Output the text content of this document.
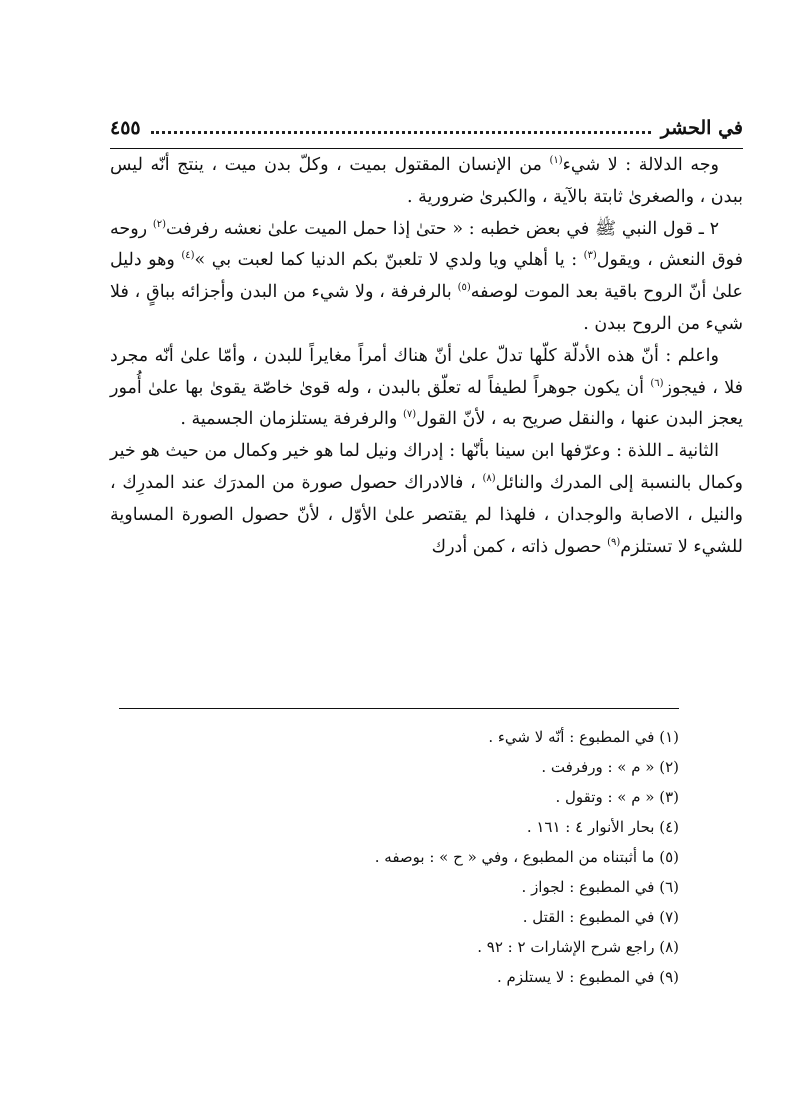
في الحشر
٤٥٥

وجه الدلالة : لا شيء$^{(١)}$ من الإنسان المقتول بميت ، وكلّ بدن ميت ، ينتج أنّه ليس ببدن ، والصغرىٰ ثابتة بالآية ، والكبرىٰ ضرورية .

٢ ـ قول النبي ﷺ في بعض خطبه : « حتىٰ إذا حمل الميت علىٰ نعشه رفرفت$^{(٢)}$ روحه فوق النعش ، ويقول$^{(٣)}$ : يا أهلي ويا ولدي لا تلعبنّ بكم الدنيا كما لعبت بي »$^{(٤)}$ وهو دليل علىٰ أنّ الروح باقية بعد الموت لوصفه$^{(٥)}$ بالرفرفة ، ولا شيء من البدن وأجزائه بباقٍ ، فلا شيء من الروح ببدن .

واعلم : أنّ هذه الأدلّة كلّها تدلّ علىٰ أنّ هناك أمراً مغايراً للبدن ، وأمّا علىٰ أنّه مجرد فلا ، فيجوز$^{(٦)}$ أن يكون جوهراً لطيفاً له تعلّق بالبدن ، وله قوىٰ خاصّة يقوىٰ بها علىٰ أُمور يعجز البدن عنها ، والنقل صريح به ، لأنّ القول$^{(٧)}$ والرفرفة يستلزمان الجسمية .

الثانية ـ اللذة : وعرّفها ابن سينا بأنّها : إدراك ونيل لما هو خير وكمال من حيث هو خير وكمال بالنسبة إلى المدرك والنائل$^{(٨)}$ ، فالادراك حصول صورة من المدرَك عند المدرِك ، والنيل ، الاصابة والوجدان ، فلهذا لم يقتصر علىٰ الأوّل ، لأنّ حصول الصورة المساوية للشيء لا تستلزم$^{(٩)}$ حصول ذاته ، كمن أدرك

(١) في المطبوع : أنّه لا شيء .
(٢) « م » : ورفرفت .
(٣) « م » : وتقول .
(٤) بحار الأنوار ٤ : ١٦١ .
(٥) ما أثبتناه من المطبوع ، وفي « ح » : بوصفه .
(٦) في المطبوع : لجواز .
(٧) في المطبوع : القتل .
(٨) راجع شرح الإشارات ٢ : ٩٢ .
(٩) في المطبوع : لا يستلزم .
